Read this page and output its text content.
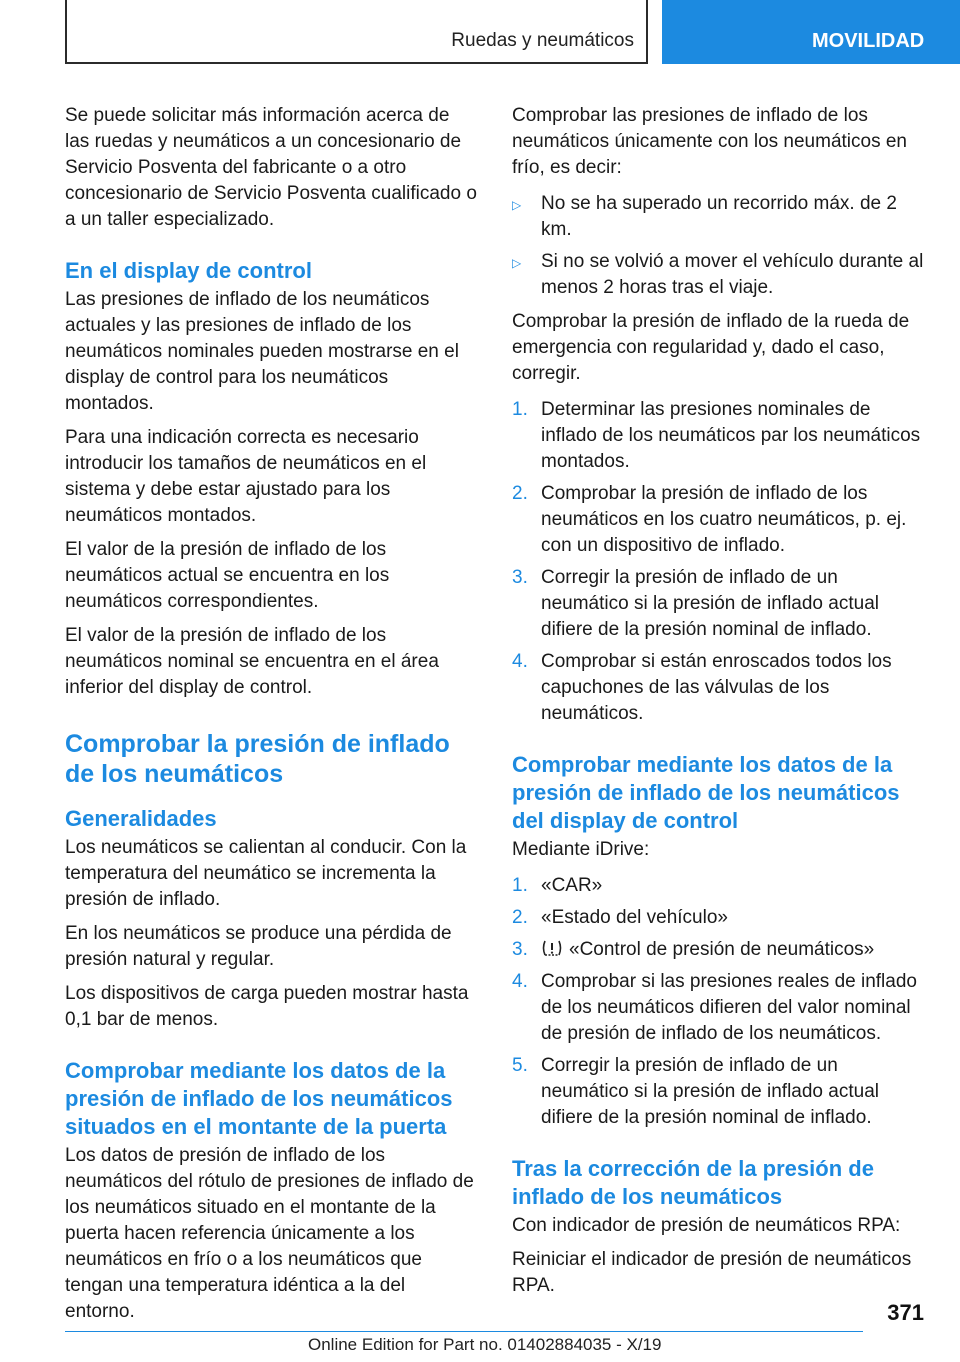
Ruedas y neumáticos	MOVILIDAD

Se puede solicitar más información acerca de las ruedas y neumáticos a un concesionario de Servicio Posventa del fabricante o a otro concesionario de Servicio Posventa cualificado o a un taller especializado.

En el display de control

Las presiones de inflado de los neumáticos actuales y las presiones de inflado de los neumáticos nominales pueden mostrarse en el display de control para los neumáticos montados.

Para una indicación correcta es necesario introducir los tamaños de neumáticos en el sistema y debe estar ajustado para los neumáticos montados.

El valor de la presión de inflado de los neumáticos actual se encuentra en los neumáticos correspondientes.

El valor de la presión de inflado de los neumáticos nominal se encuentra en el área inferior del display de control.

Comprobar la presión de inflado de los neumáticos
Generalidades

Los neumáticos se calientan al conducir. Con la temperatura del neumático se incrementa la presión de inflado.

En los neumáticos se produce una pérdida de presión natural y regular.

Los dispositivos de carga pueden mostrar hasta 0,1 bar de menos.

Comprobar mediante los datos de la presión de inflado de los neumáticos situados en el montante de la puerta

Los datos de presión de inflado de los neumáticos del rótulo de presiones de inflado de los neumáticos situado en el montante de la puerta hacen referencia únicamente a los neumáticos en frío o a los neumáticos que tengan una temperatura idéntica a la del entorno.

Comprobar las presiones de inflado de los neumáticos únicamente con los neumáticos en frío, es decir:

▷ No se ha superado un recorrido máx. de 2 km.
▷ Si no se volvió a mover el vehículo durante al menos 2 horas tras el viaje.

Comprobar la presión de inflado de la rueda de emergencia con regularidad y, dado el caso, corregir.

1. Determinar las presiones nominales de inflado de los neumáticos par los neumáticos montados.
2. Comprobar la presión de inflado de los neumáticos en los cuatro neumáticos, p. ej. con un dispositivo de inflado.
3. Corregir la presión de inflado de un neumático si la presión de inflado actual difiere de la presión nominal de inflado.
4. Comprobar si están enroscados todos los capuchones de las válvulas de los neumáticos.
Comprobar mediante los datos de la presión de inflado de los neumáticos del display de control

Mediante iDrive:

1. «CAR»
2. «Estado del vehículo»
3. «Control de presión de neumáticos»
4. Comprobar si las presiones reales de inflado de los neumáticos difieren del valor nominal de presión de inflado de los neumáticos.
5. Corregir la presión de inflado de un neumático si la presión de inflado actual difiere de la presión nominal de inflado.
Tras la corrección de la presión de inflado de los neumáticos

Con indicador de presión de neumáticos RPA:

Reiniciar el indicador de presión de neumáticos RPA.

371
Online Edition for Part no. 01402884035 - X/19
